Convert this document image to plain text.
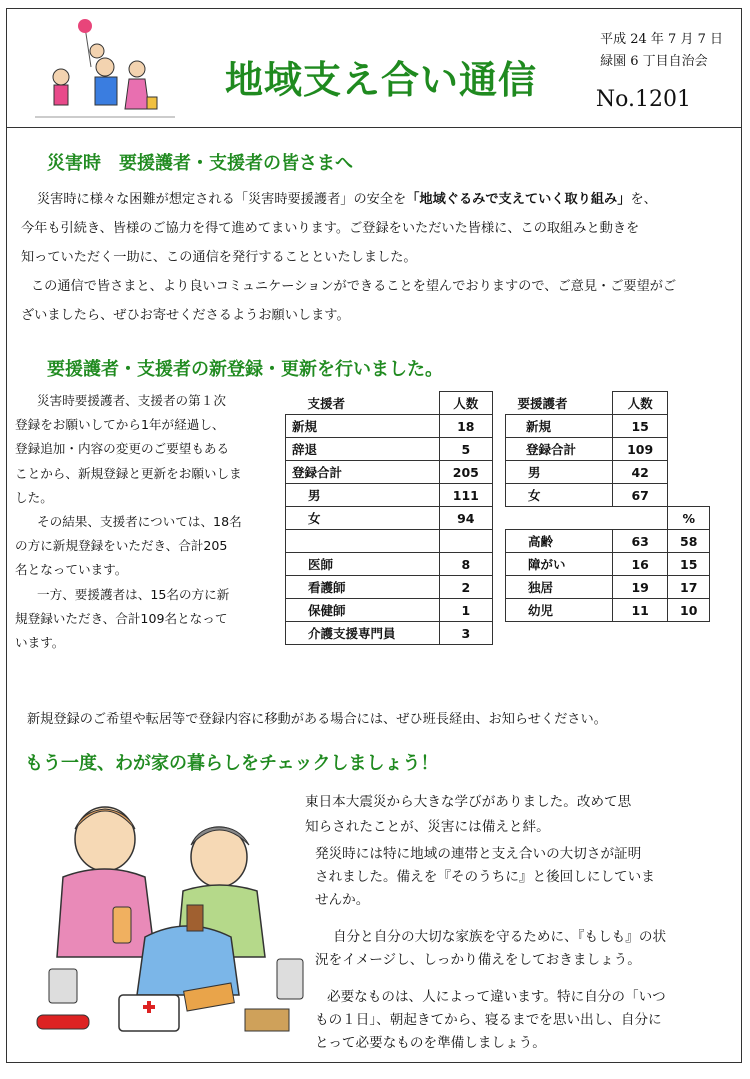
地域支え合い通信
平成 24 年 7 月 7 日
緑園 6 丁目自治会
No.1201
災害時　要援護者・支援者の皆さまへ

災害時に様々な困難が想定される「災害時要援護者」の安全を「地域ぐるみで支えていく取り組み」を、

今年も引続き、皆様のご協力を得て進めてまいります。ご登録をいただいた皆様に、この取組みと動きを

知っていただく一助に、この通信を発行することといたしました。

この通信で皆さまと、より良いコミュニケーションができることを望んでおりますので、ご意見・ご要望がご

ざいましたら、ぜひお寄せくださるようお願いします。

要援護者・支援者の新登録・更新を行いました。

災害時要援護者、支援者の第１次

登録をお願いしてから1年が経過し、

登録追加・内容の変更のご要望もある

ことから、新規登録と更新をお願いしま

した。

その結果、支援者については、18名

の方に新規登録をいただき、合計205

名となっています。

一方、要援護者は、15名の方に新

規登録いただき、合計109名となって

います。

支援者	人数
新規	18
辞退	5
登録合計	205
男	111
女	94

医師	8
看護師	2
保健師	1
介護支援専門員	3
要援護者	人数	
新規	15	
登録合計	109	
男	42	
女	67	
		%
高齢	63	58
障がい	16	15
独居	19	17
幼児	11	10
新規登録のご希望や転居等で登録内容に移動がある場合には、ぜひ班長経由、お知らせください。
もう一度、わが家の暮らしをチェックしましょう！

東日本大震災から大きな学びがありました。改めて思

知らされたことが、災害には備えと絆。

発災時には特に地域の連帯と支え合いの大切さが証明

されました。備えを『そのうちに』と後回しにしていま

せんか。

自分と自分の大切な家族を守るために、『もしも』の状

況をイメージし、しっかり備えをしておきましょう。

必要なものは、人によって違います。特に自分の「いつ

もの１日」、朝起きてから、寝るまでを思い出し、自分に

とって必要なものを準備しましょう。
